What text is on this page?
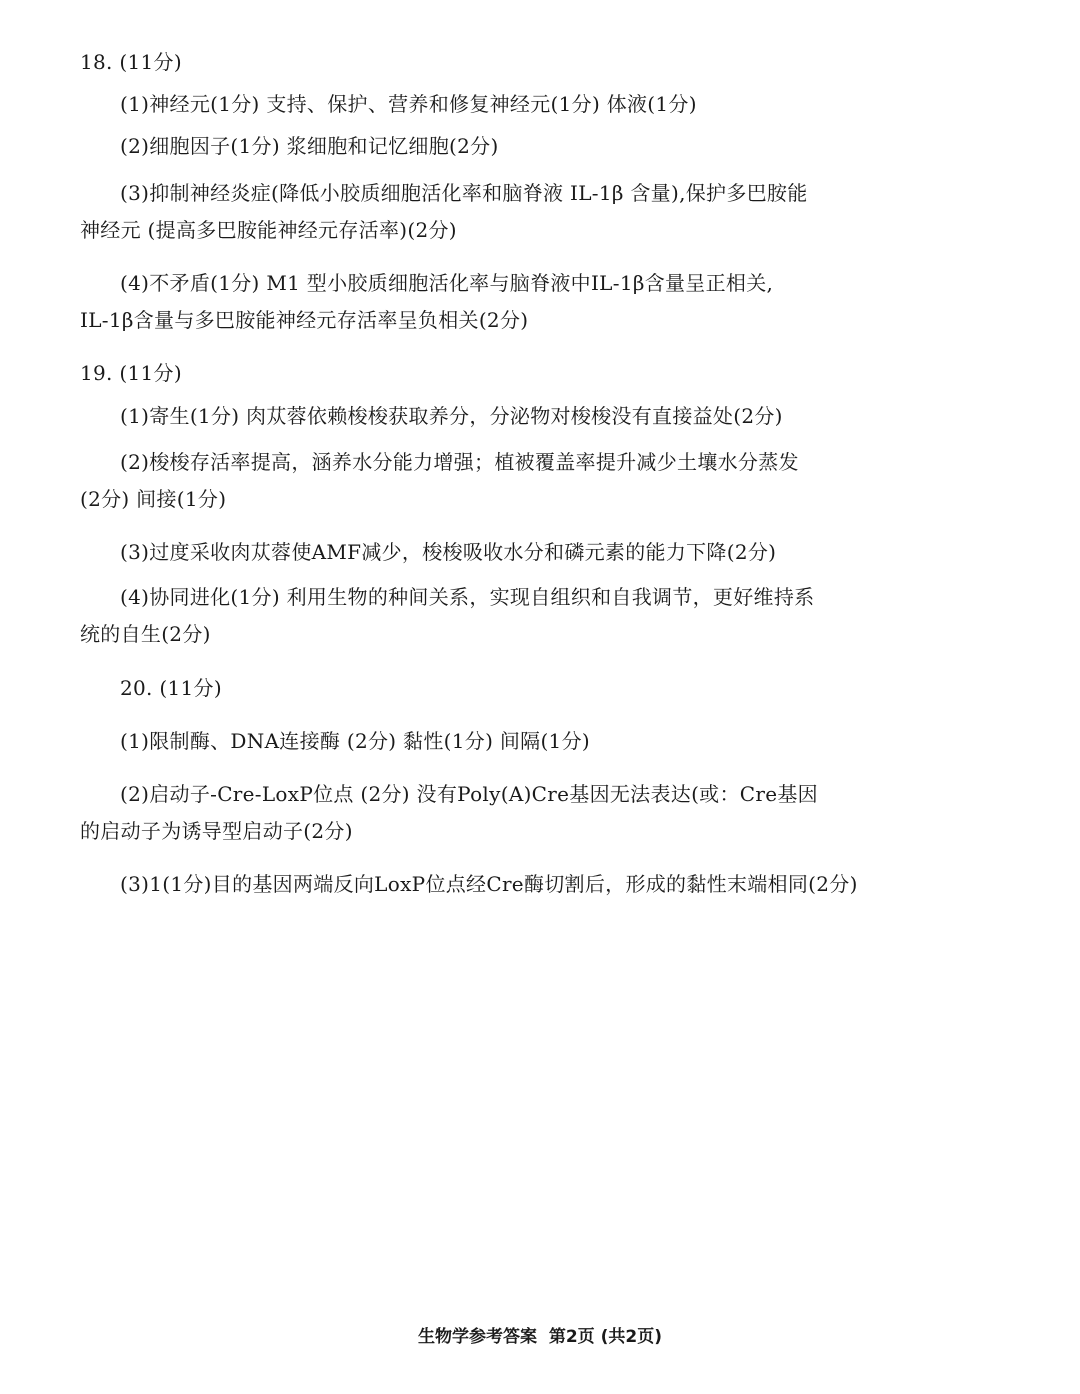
18. (11分)
(1)神经元(1分) 支持、保护、营养和修复神经元(1分) 体液(1分)
(2)细胞因子(1分) 浆细胞和记忆细胞(2分)
(3)抑制神经炎症(降低小胶质细胞活化率和脑脊液 IL-1β 含量),保护多巴胺能
神经元 (提高多巴胺能神经元存活率)(2分)
(4)不矛盾(1分) M1 型小胶质细胞活化率与脑脊液中IL-1β含量呈正相关,
IL-1β含量与多巴胺能神经元存活率呈负相关(2分)
19. (11分)
(1)寄生(1分) 肉苁蓉依赖梭梭获取养分，分泌物对梭梭没有直接益处(2分)
(2)梭梭存活率提高，涵养水分能力增强；植被覆盖率提升减少土壤水分蒸发
(2分) 间接(1分)
(3)过度采收肉苁蓉使AMF减少，梭梭吸收水分和磷元素的能力下降(2分)
(4)协同进化(1分) 利用生物的种间关系，实现自组织和自我调节，更好维持系
统的自生(2分)
20. (11分)
(1)限制酶、DNA连接酶 (2分) 黏性(1分) 间隔(1分)
(2)启动子-Cre-LoxP位点 (2分) 没有Poly(A)Cre基因无法表达(或：Cre基因
的启动子为诱导型启动子(2分)
(3)1(1分)目的基因两端反向LoxP位点经Cre酶切割后，形成的黏性末端相同(2分)
生物学参考答案  第2页 (共2页)
